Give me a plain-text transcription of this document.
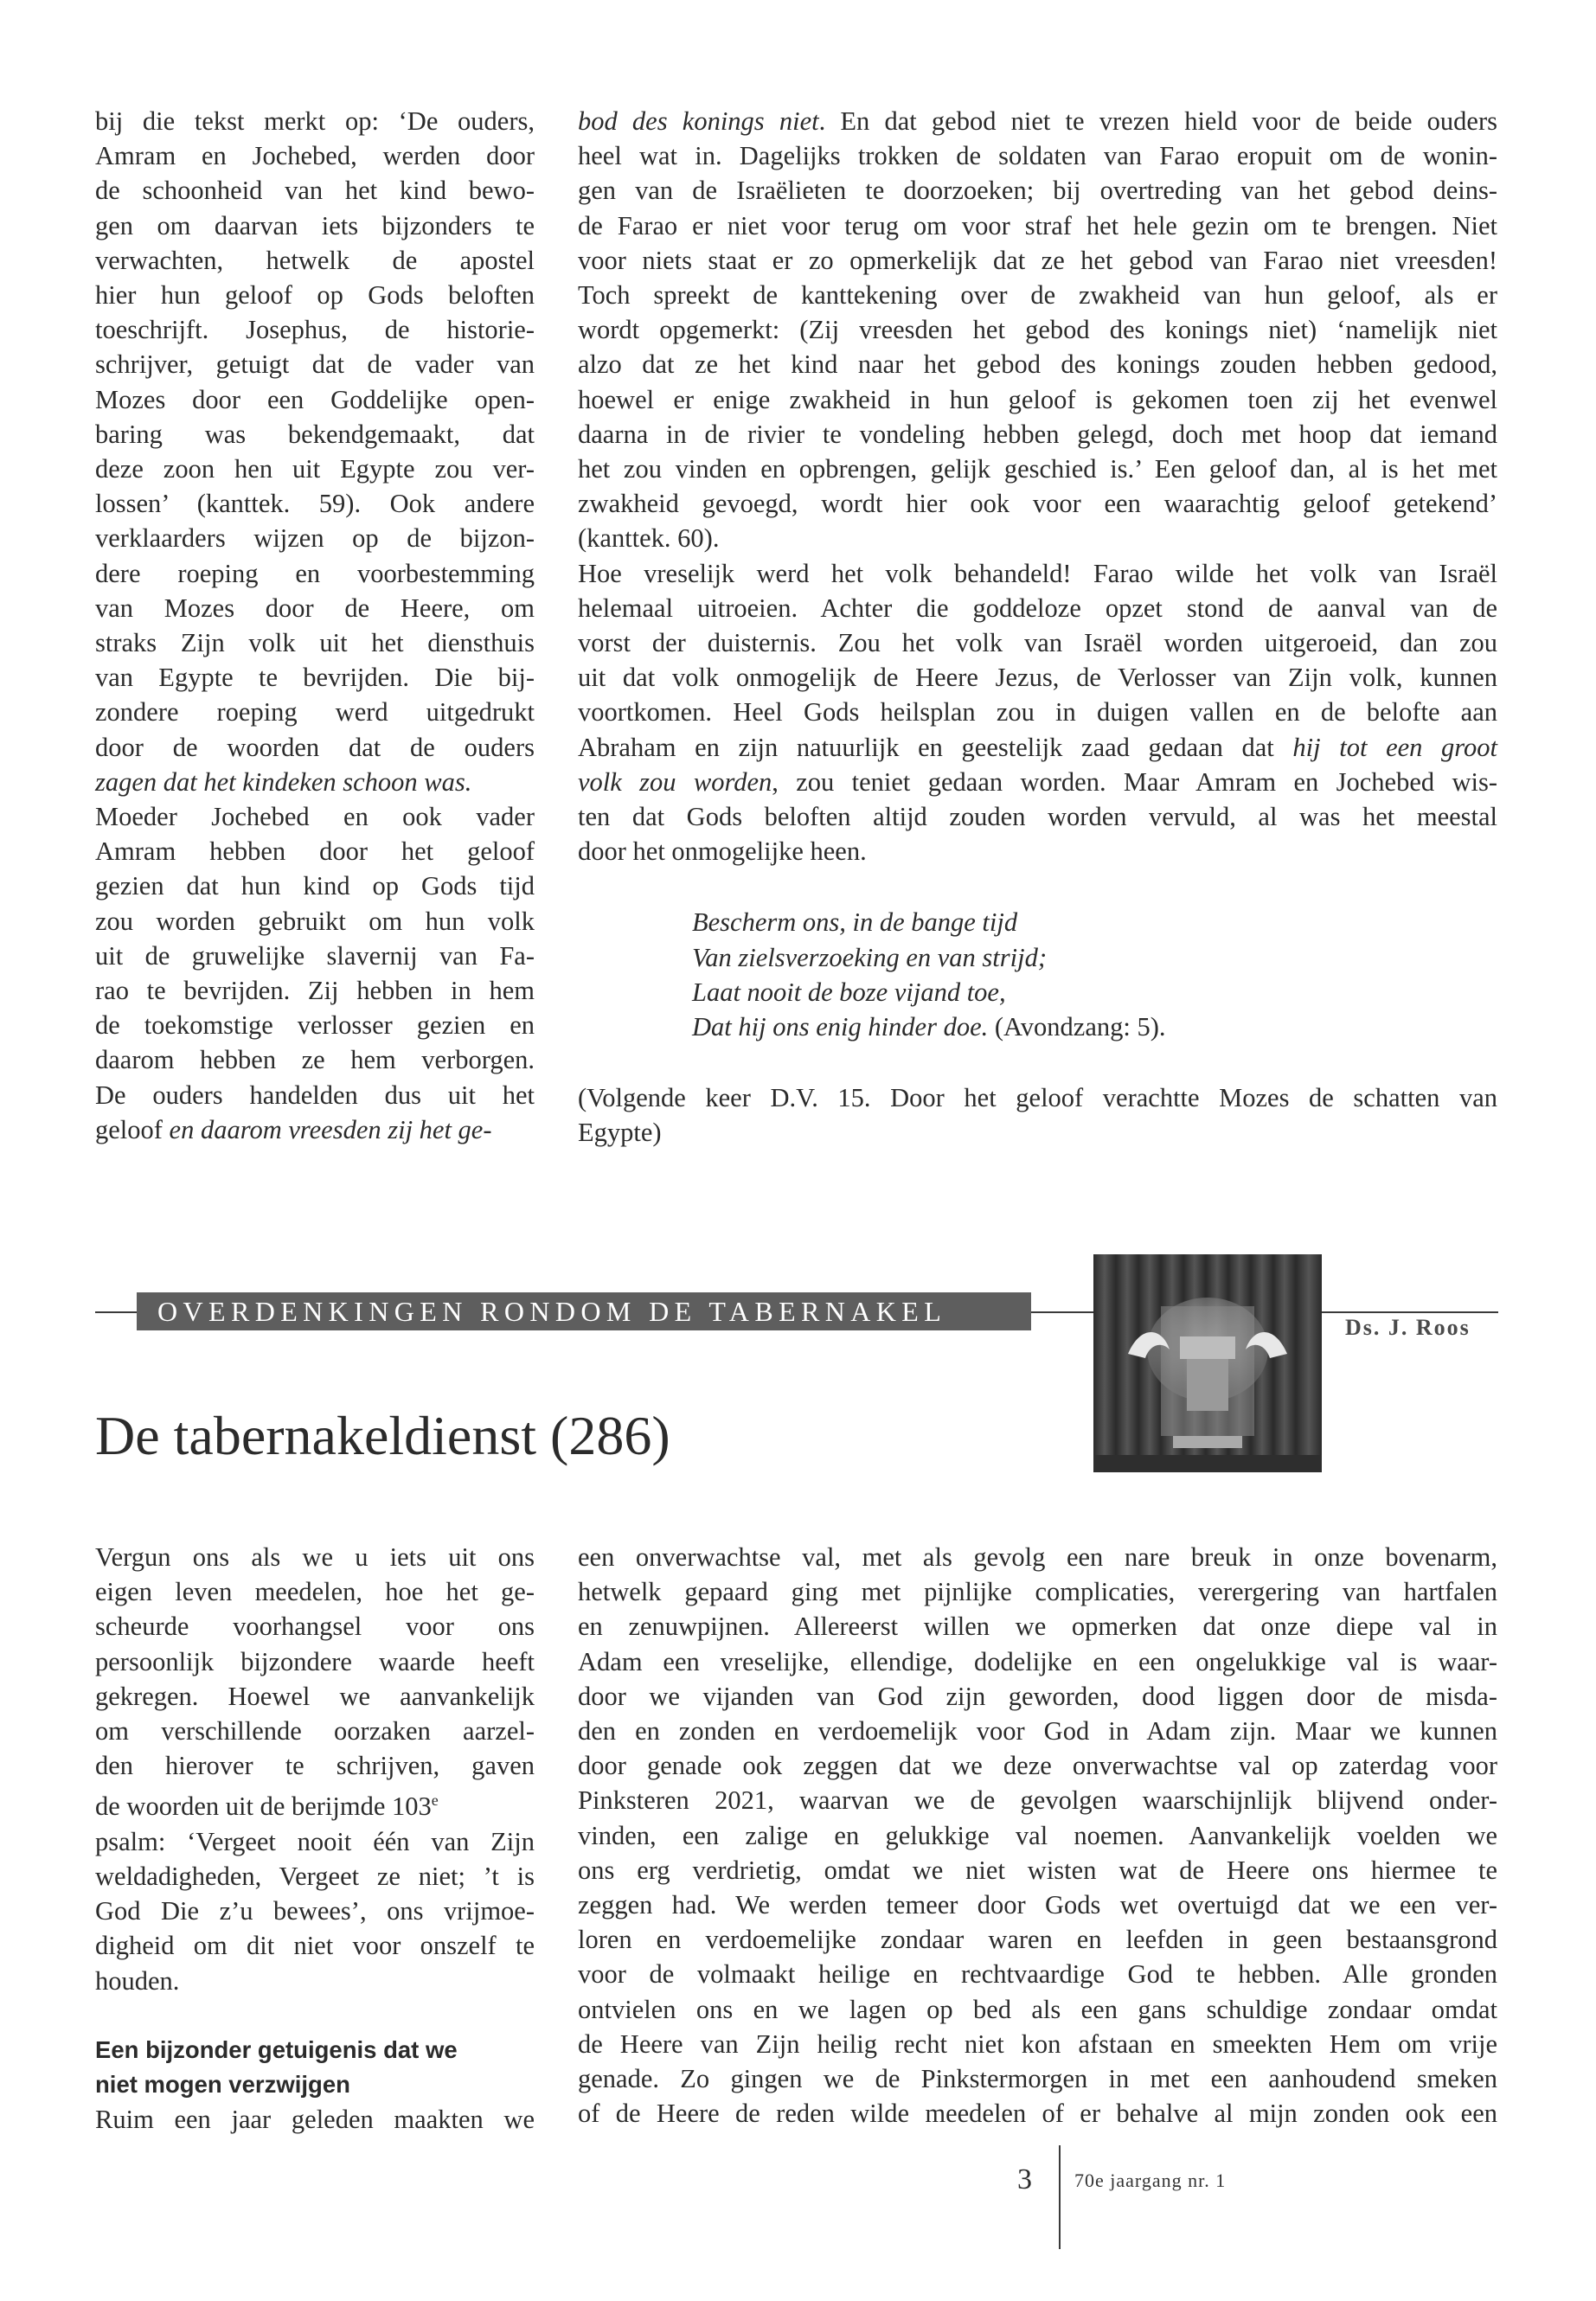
bij die tekst merkt op: ‘De ouders,
Amram en Jochebed, werden door
de schoonheid van het kind bewo-
gen om daarvan iets bijzonders te
verwachten, hetwelk de apostel
hier hun geloof op Gods beloften
toeschrijft. Josephus, de historie-
schrijver, getuigt dat de vader van
Mozes door een Goddelijke open-
baring was bekendgemaakt, dat
deze zoon hen uit Egypte zou ver-
lossen’ (kanttek. 59). Ook andere
verklaarders wijzen op de bijzon-
dere roeping en voorbestemming
van Mozes door de Heere, om
straks Zijn volk uit het diensthuis
van Egypte te bevrijden. Die bij-
zondere roeping werd uitgedrukt
door de woorden dat de ouders
zagen dat het kindeken schoon was.
Moeder Jochebed en ook vader
Amram hebben door het geloof
gezien dat hun kind op Gods tijd
zou worden gebruikt om hun volk
uit de gruwelijke slavernij van Fa-
rao te bevrijden. Zij hebben in hem
de toekomstige verlosser gezien en
daarom hebben ze hem verborgen.
De ouders handelden dus uit het
geloof en daarom vreesden zij het ge-
bod des konings niet. En dat gebod niet te vrezen hield voor de beide ouders
heel wat in. Dagelijks trokken de soldaten van Farao eropuit om de wonin-
gen van de Israëlieten te doorzoeken; bij overtreding van het gebod deins-
de Farao er niet voor terug om voor straf het hele gezin om te brengen. Niet
voor niets staat er zo opmerkelijk dat ze het gebod van Farao niet vreesden!
Toch spreekt de kanttekening over de zwakheid van hun geloof, als er
wordt opgemerkt: (Zij vreesden het gebod des konings niet) ‘namelijk niet
alzo dat ze het kind naar het gebod des konings zouden hebben gedood,
hoewel er enige zwakheid in hun geloof is gekomen toen zij het evenwel
daarna in de rivier te vondeling hebben gelegd, doch met hoop dat iemand
het zou vinden en opbrengen, gelijk geschied is.’ Een geloof dan, al is het met
zwakheid gevoegd, wordt hier ook voor een waarachtig geloof getekend’
(kanttek. 60).
Hoe vreselijk werd het volk behandeld! Farao wilde het volk van Israël
helemaal uitroeien. Achter die goddeloze opzet stond de aanval van de
vorst der duisternis. Zou het volk van Israël worden uitgeroeid, dan zou
uit dat volk onmogelijk de Heere Jezus, de Verlosser van Zijn volk, kunnen
voortkomen. Heel Gods heilsplan zou in duigen vallen en de belofte aan
Abraham en zijn natuurlijk en geestelijk zaad gedaan dat hij tot een groot
volk zou worden, zou teniet gedaan worden. Maar Amram en Jochebed wis-
ten dat Gods beloften altijd zouden worden vervuld, al was het meestal
door het onmogelijke heen.
Bescherm ons, in de bange tijd
Van zielsverzoeking en van strijd;
Laat nooit de boze vijand toe,
Dat hij ons enig hinder doe. (Avondzang: 5).
(Volgende keer D.V. 15. Door het geloof verachtte Mozes de schatten van
Egypte)
OVERDENKINGEN RONDOM DE TABERNAKEL
Ds. J. Roos
De tabernakeldienst (286)
Vergun ons als we u iets uit ons
eigen leven meedelen, hoe het ge-
scheurde voorhangsel voor ons
persoonlijk bijzondere waarde heeft
gekregen. Hoewel we aanvankelijk
om verschillende oorzaken aarzel-
den hierover te schrijven, gaven
de woorden uit de berijmde 103e
psalm: ‘Vergeet nooit één van Zijn
weldadigheden, Vergeet ze niet; ’t is
God Die z’u bewees’, ons vrijmoe-
digheid om dit niet voor onszelf te
houden.
Een bijzonder getuigenis dat we
niet mogen verzwijgen
Ruim een jaar geleden maakten we
een onverwachtse val, met als gevolg een nare breuk in onze bovenarm,
hetwelk gepaard ging met pijnlijke complicaties, verergering van hartfalen
en zenuwpijnen. Allereerst willen we opmerken dat onze diepe val in
Adam een vreselijke, ellendige, dodelijke en een ongelukkige val is waar-
door we vijanden van God zijn geworden, dood liggen door de misda-
den en zonden en verdoemelijk voor God in Adam zijn. Maar we kunnen
door genade ook zeggen dat we deze onverwachtse val op zaterdag voor
Pinksteren 2021, waarvan we de gevolgen waarschijnlijk blijvend onder-
vinden, een zalige en gelukkige val noemen. Aanvankelijk voelden we
ons erg verdrietig, omdat we niet wisten wat de Heere ons hiermee te
zeggen had. We werden temeer door Gods wet overtuigd dat we een ver-
loren en verdoemelijke zondaar waren en leefden in geen bestaansgrond
voor de volmaakt heilige en rechtvaardige God te hebben. Alle gronden
ontvielen ons en we lagen op bed als een gans schuldige zondaar omdat
de Heere van Zijn heilig recht niet kon afstaan en smeekten Hem om vrije
genade. Zo gingen we de Pinkstermorgen in met een aanhoudend smeken
of de Heere de reden wilde meedelen of er behalve al mijn zonden ook een
3 70e jaargang nr. 1
